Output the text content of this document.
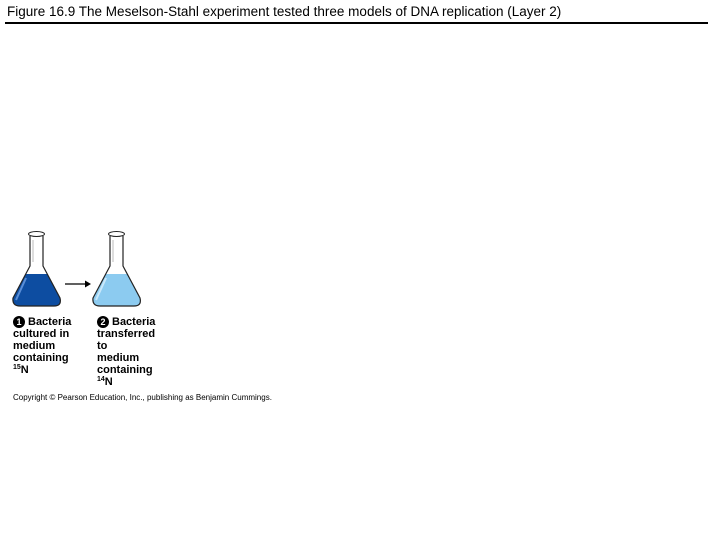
Figure 16.9 The Meselson-Stahl experiment tested three models of DNA replication (Layer 2)
1 Bacteria
cultured in
medium
containing
$^{15}$N
2 Bacteria
transferred
to
medium
containing
$^{14}$N
Copyright © Pearson Education, Inc., publishing as Benjamin Cummings.
